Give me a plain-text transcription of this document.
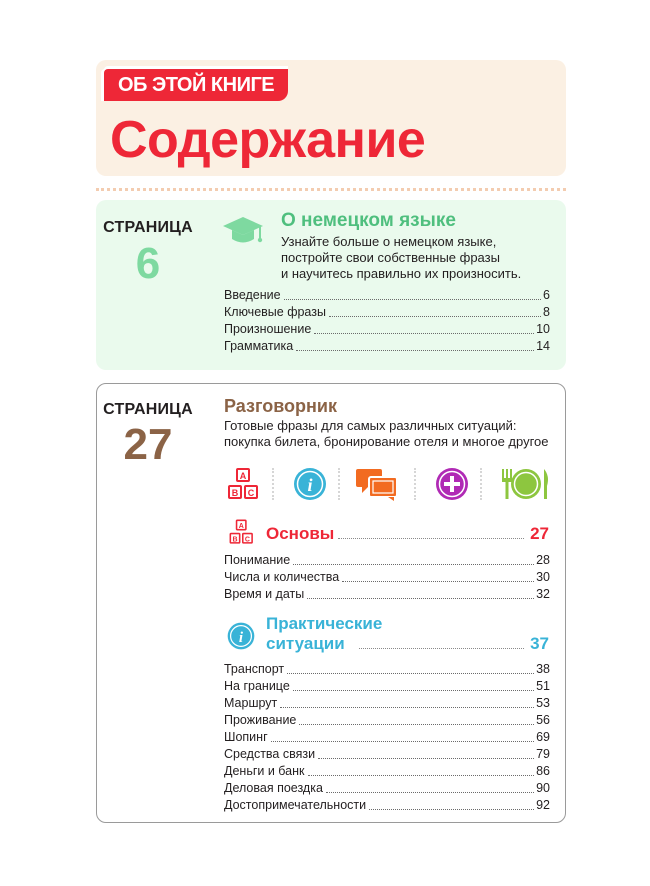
ОБ ЭТОЙ КНИГЕ
Содержание
СТРАНИЦА
6
О немецком языке
Узнайте больше о немецком языке,
постройте свои собственные фразы
и научитесь правильно их произносить.
Введение	6
Ключевые фразы	8
Произношение	10
Грамматика	14
СТРАНИЦА
27
Разговорник
Готовые фразы для самых различных ситуаций:
покупка билета, бронирование отеля и многое другое
A
B C	i
A
B C Основы	27
Понимание	28
Числа и количества	30
Время и даты	32
i
Практические
ситуации	37
Транспорт	38
На границе	51
Маршрут	53
Проживание	56
Шопинг	69
Средства связи	79
Деньги и банк	86
Деловая поездка	90
Достопримечательности	92
